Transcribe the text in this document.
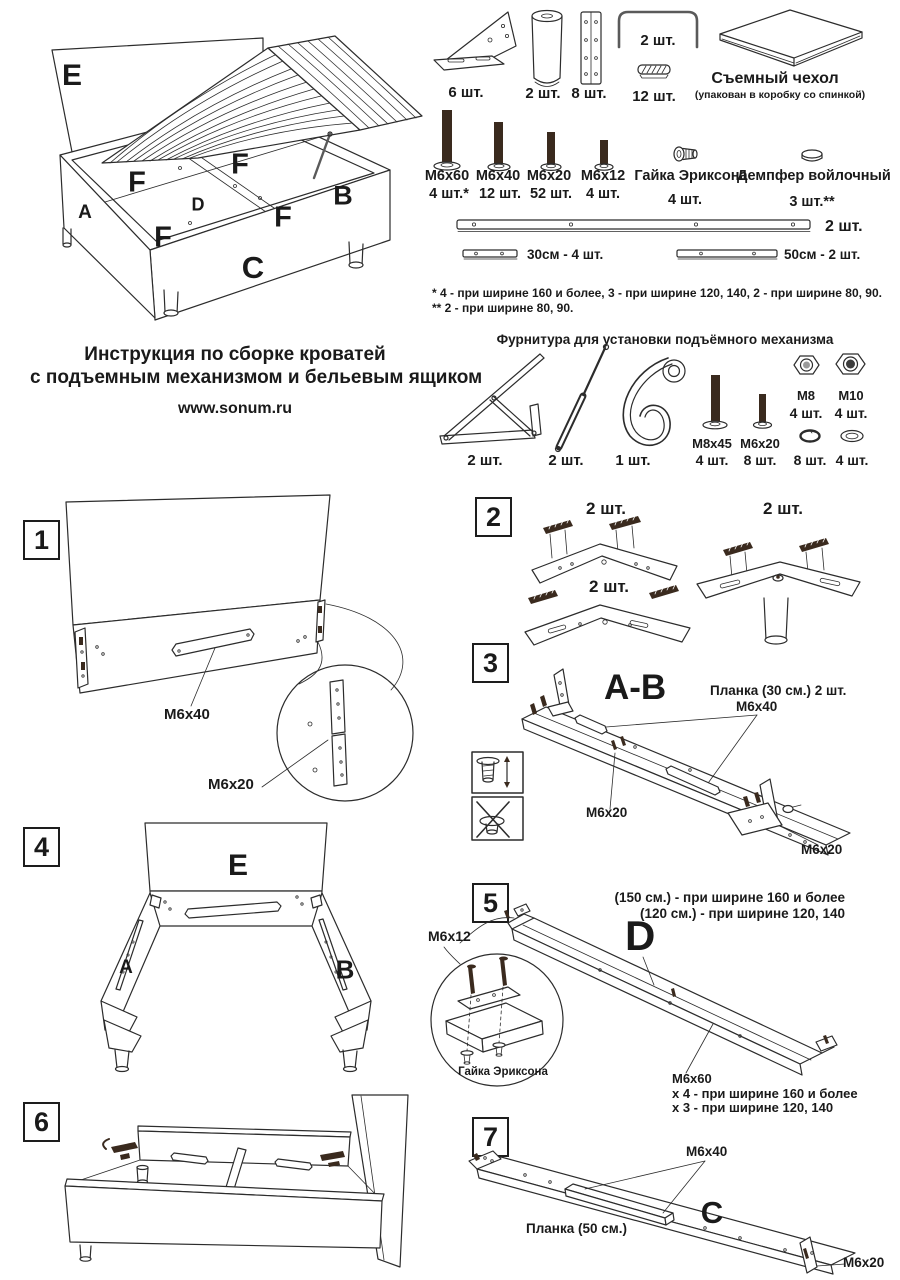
E
F
F
F
F
D
A
B
C
6 шт.	2 шт. 8 шт.
2 шт.
12 шт.
Съемный чехол
(упакован в коробку со спинкой)
M6x60 M6x40 M6x20 M6x12 Гайка Эриксона
Демпфер войлочный
4 шт.* 12 шт. 52 шт. 4 шт.	4 шт.	3 шт.**
2 шт.
30см - 4 шт.	50см - 2 шт.
* 4 - при ширине 160 и более, 3 - при ширине 120, 140, 2 - при ширине 80, 90.
** 2 - при ширине 80, 90.
Инструкция по сборке кроватей
с подъемным механизмом и бельевым ящиком
www.sonum.ru
Фурнитура для установки подъёмного механизма
2 шт.	2 шт.	1 шт.
M8x45
4 шт.
M6x20
8 шт.
М8
4 шт.
М10
4 шт.
8 шт. 4 шт.
1
M6x40
M6x20
2	2 шт.	2 шт.
2 шт.
3
A-B	Планка (30 см.) 2 шт.
M6x40
M6x20
M6x20
4
E
A	B
5	(150 см.) - при ширине 160 и более
(120 см.) - при ширине 120, 140
D
M6x12
Гайка Эриксона	M6x60
х 4 - при ширине 160 и более
х 3 - при ширине 120, 140
6	7	M6x40
Планка (50 см.) C
M6x20
